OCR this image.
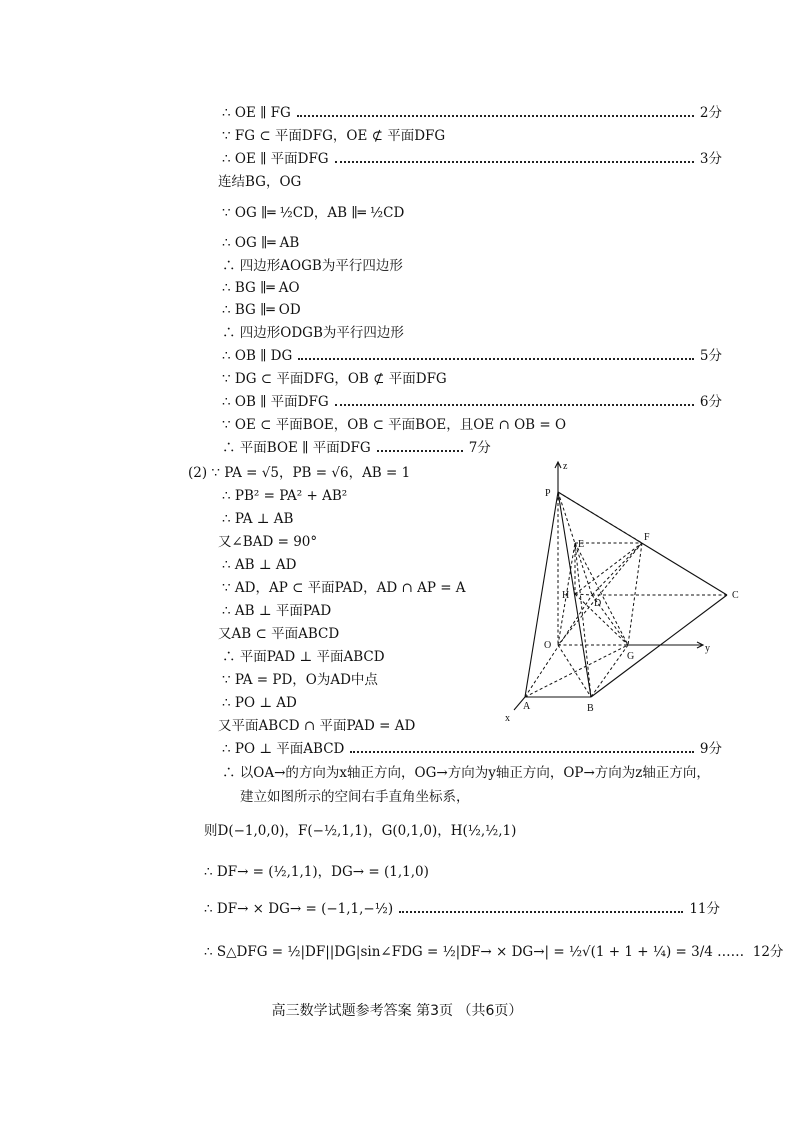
∴ OE ∥ FG	2分
∵ FG ⊂ 平面DFG，OE ⊄ 平面DFG
∴ OE ∥ 平面DFG	3分
连结BG，OG
∵ OG ∥═ ½CD，AB ∥═ ½CD
∴ OG ∥═ AB
∴ 四边形AOGB为平行四边形
∴ BG ∥═ AO
∴ BG ∥═ OD
∴ 四边形ODGB为平行四边形
∴ OB ∥ DG	5分
∵ DG ⊂ 平面DFG，OB ⊄ 平面DFG
∴ OB ∥ 平面DFG	6分
∵ OE ⊂ 平面BOE，OB ⊂ 平面BOE，且OE ∩ OB = O
∴ 平面BOE ∥ 平面DFG	7分
(2) ∵ PA = √5，PB = √6，AB = 1
∴ PB² = PA² + AB²
∴ PA ⊥ AB
又∠BAD = 90°
∴ AB ⊥ AD
∵ AD，AP ⊂ 平面PAD，AD ∩ AP = A
∴ AB ⊥ 平面PAD
又AB ⊂ 平面ABCD
∴ 平面PAD ⊥ 平面ABCD
∵ PA = PD，O为AD中点
∴ PO ⊥ AD
又平面ABCD ∩ 平面PAD = AD
∴ PO ⊥ 平面ABCD	9分
∴ 以OA→的方向为x轴正方向，OG→方向为y轴正方向，OP→方向为z轴正方向，
建立如图所示的空间右手直角坐标系，
则D(−1,0,0)，F(−½,1,1)，G(0,1,0)，H(½,½,1)
∴ DF→ = (½,1,1)，DG→ = (1,1,0)
∴ DF→ × DG→ = (−1,1,−½)	11分
∴ S△DFG = ½|DF||DG|sin∠FDG = ½|DF→ × DG→| = ½√(1 + 1 + ¼) = 3/4 …… 12分
z
P
E
F
H
D
C
O
G
y
A	B
x
高三数学试题参考答案 第3页 （共6页）
